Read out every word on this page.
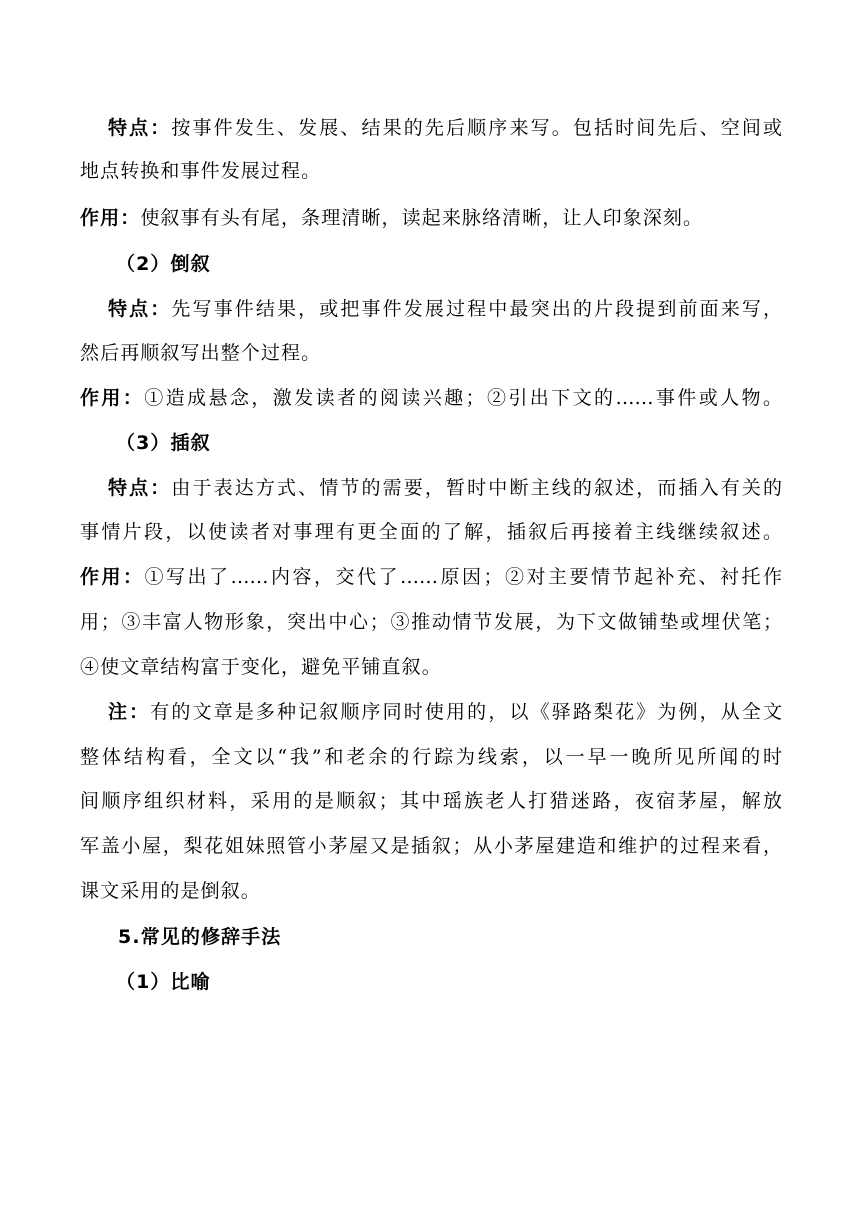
特点：按事件发生、发展、结果的先后顺序来写。包括时间先后、空间或
地点转换和事件发展过程。
作用：使叙事有头有尾，条理清晰，读起来脉络清晰，让人印象深刻。
（2）倒叙
特点：先写事件结果，或把事件发展过程中最突出的片段提到前面来写，
然后再顺叙写出整个过程。
作用：①造成悬念，激发读者的阅读兴趣；②引出下文的……事件或人物。
（3）插叙
特点：由于表达方式、情节的需要，暂时中断主线的叙述，而插入有关的
事情片段，以使读者对事理有更全面的了解，插叙后再接着主线继续叙述。
作用：①写出了……内容，交代了……原因；②对主要情节起补充、衬托作
用；③丰富人物形象，突出中心；③推动情节发展，为下文做铺垫或埋伏笔；
④使文章结构富于变化，避免平铺直叙。
注：有的文章是多种记叙顺序同时使用的，以《驿路梨花》为例，从全文
整体结构看，全文以“我”和老余的行踪为线索，以一早一晚所见所闻的时
间顺序组织材料，采用的是顺叙；其中瑶族老人打猎迷路，夜宿茅屋，解放
军盖小屋，梨花姐妹照管小茅屋又是插叙；从小茅屋建造和维护的过程来看，
课文采用的是倒叙。
5.常见的修辞手法
（1）比喻
